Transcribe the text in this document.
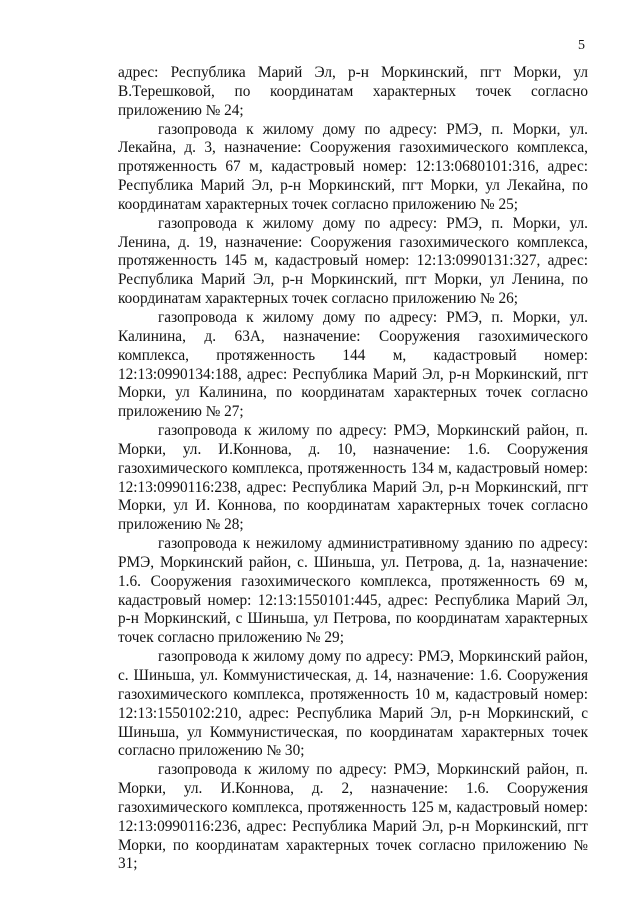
5

адрес: Республика Марий Эл, р-н Моркинский, пгт Морки, ул В.Терешковой, по координатам характерных точек согласно приложению № 24;

газопровода к жилому дому по адресу: РМЭ, п. Морки, ул. Лекайна, д. 3, назначение: Сооружения газохимического комплекса, протяженность 67 м, кадастровый номер: 12:13:0680101:316, адрес: Республика Марий Эл, р-н Моркинский, пгт Морки, ул Лекайна, по координатам характерных точек согласно приложению № 25;

газопровода к жилому дому по адресу: РМЭ, п. Морки, ул. Ленина, д. 19, назначение: Сооружения газохимического комплекса, протяженность 145 м, кадастровый номер: 12:13:0990131:327, адрес: Республика Марий Эл, р-н Моркинский, пгт Морки, ул Ленина, по координатам характерных точек согласно приложению № 26;

газопровода к жилому дому по адресу: РМЭ, п. Морки, ул. Калинина, д. 63А, назначение: Сооружения газохимического комплекса, протяженность 144 м, кадастровый номер: 12:13:0990134:188, адрес: Республика Марий Эл, р-н Моркинский, пгт Морки, ул Калинина, по координатам характерных точек согласно приложению № 27;

газопровода к жилому по адресу: РМЭ, Моркинский район, п. Морки, ул. И.Коннова, д. 10, назначение: 1.6. Сооружения газохимического комплекса, протяженность 134 м, кадастровый номер: 12:13:0990116:238, адрес: Республика Марий Эл, р-н Моркинский, пгт Морки, ул И. Коннова, по координатам характерных точек согласно приложению № 28;

газопровода к нежилому административному зданию по адресу: РМЭ, Моркинский район, с. Шиньша, ул. Петрова, д. 1а, назначение: 1.6. Сооружения газохимического комплекса, протяженность 69 м, кадастровый номер: 12:13:1550101:445, адрес: Республика Марий Эл, р-н Моркинский, с Шиньша, ул Петрова, по координатам характерных точек согласно приложению № 29;

газопровода к жилому дому по адресу: РМЭ, Моркинский район, с. Шиньша, ул. Коммунистическая, д. 14, назначение: 1.6. Сооружения газохимического комплекса, протяженность 10 м, кадастровый номер: 12:13:1550102:210, адрес: Республика Марий Эл, р-н Моркинский, с Шиньша, ул Коммунистическая, по координатам характерных точек согласно приложению № 30;

газопровода к жилому по адресу: РМЭ, Моркинский район, п. Морки, ул. И.Коннова, д. 2, назначение: 1.6. Сооружения газохимического комплекса, протяженность 125 м, кадастровый номер: 12:13:0990116:236, адрес: Республика Марий Эл, р-н Моркинский, пгт Морки, по координатам характерных точек согласно приложению № 31;
